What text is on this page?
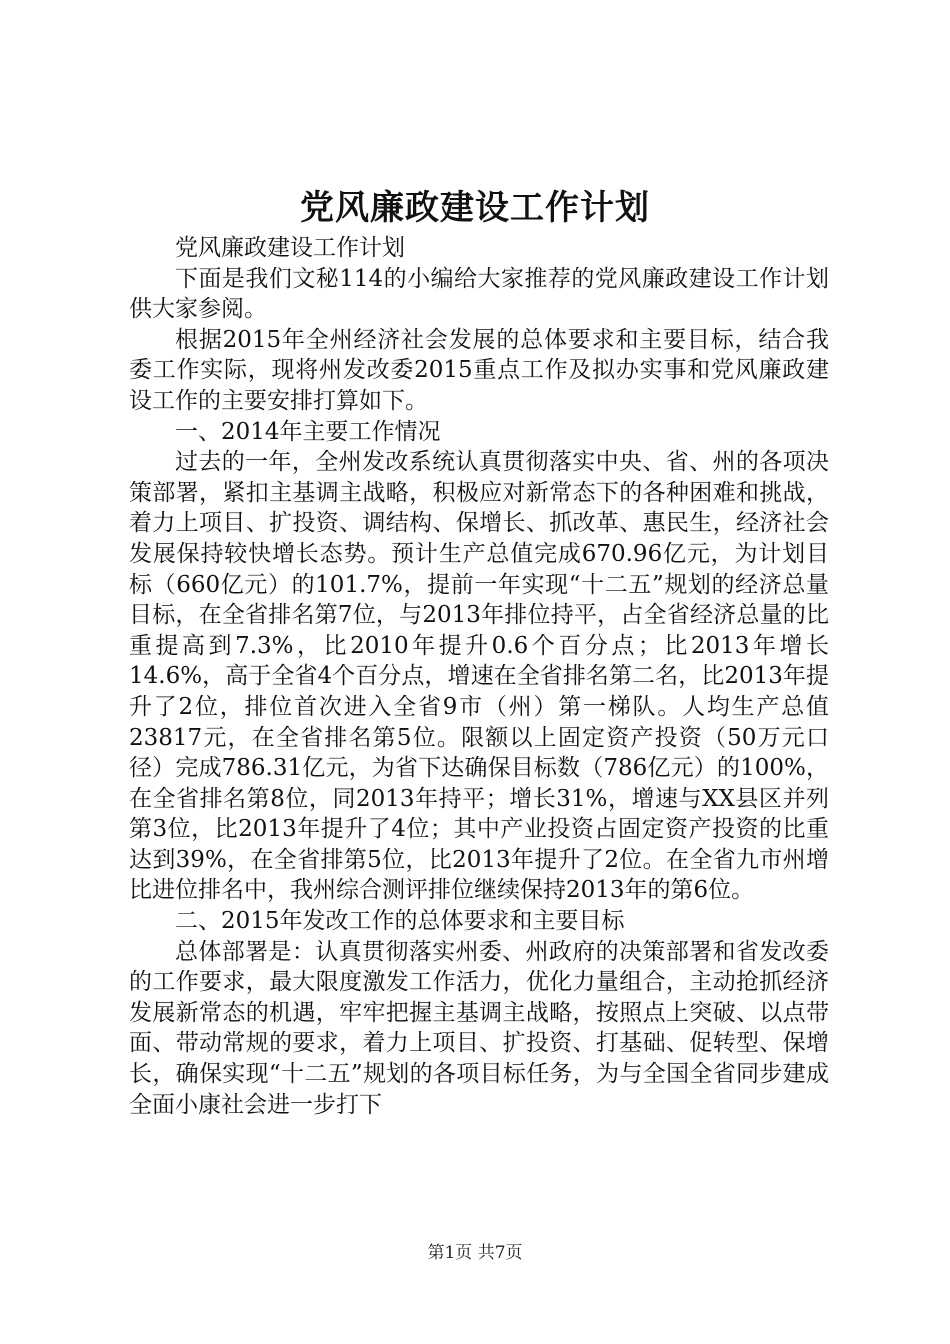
党风廉政建设工作计划

党风廉政建设工作计划

下面是我们文秘114的小编给大家推荐的党风廉政建设工作计划供大家参阅。

根据2015年全州经济社会发展的总体要求和主要目标，结合我委工作实际，现将州发改委2015重点工作及拟办实事和党风廉政建设工作的主要安排打算如下。

一、2014年主要工作情况

过去的一年，全州发改系统认真贯彻落实中央、省、州的各项决策部署，紧扣主基调主战略，积极应对新常态下的各种困难和挑战，着力上项目、扩投资、调结构、保增长、抓改革、惠民生，经济社会发展保持较快增长态势。预计生产总值完成670.96亿元，为计划目标（660亿元）的101.7%，提前一年实现“十二五”规划的经济总量目标，在全省排名第7位，与2013年排位持平，占全省经济总量的比重提高到7.3%，比2010年提升0.6个百分点；比2013年增长14.6%，高于全省4个百分点，增速在全省排名第二名，比2013年提升了2位，排位首次进入全省9市（州）第一梯队。人均生产总值23817元，在全省排名第5位。限额以上固定资产投资（50万元口径）完成786.31亿元，为省下达确保目标数（786亿元）的100%，在全省排名第8位，同2013年持平；增长31%，增速与XX县区并列第3位，比2013年提升了4位；其中产业投资占固定资产投资的比重达到39%，在全省排第5位，比2013年提升了2位。在全省九市州增比进位排名中，我州综合测评排位继续保持2013年的第6位。

二、2015年发改工作的总体要求和主要目标

总体部署是：认真贯彻落实州委、州政府的决策部署和省发改委的工作要求，最大限度激发工作活力，优化力量组合，主动抢抓经济发展新常态的机遇，牢牢把握主基调主战略，按照点上突破、以点带面、带动常规的要求，着力上项目、扩投资、打基础、促转型、保增长，确保实现“十二五”规划的各项目标任务，为与全国全省同步建成全面小康社会进一步打下

第1页 共7页
